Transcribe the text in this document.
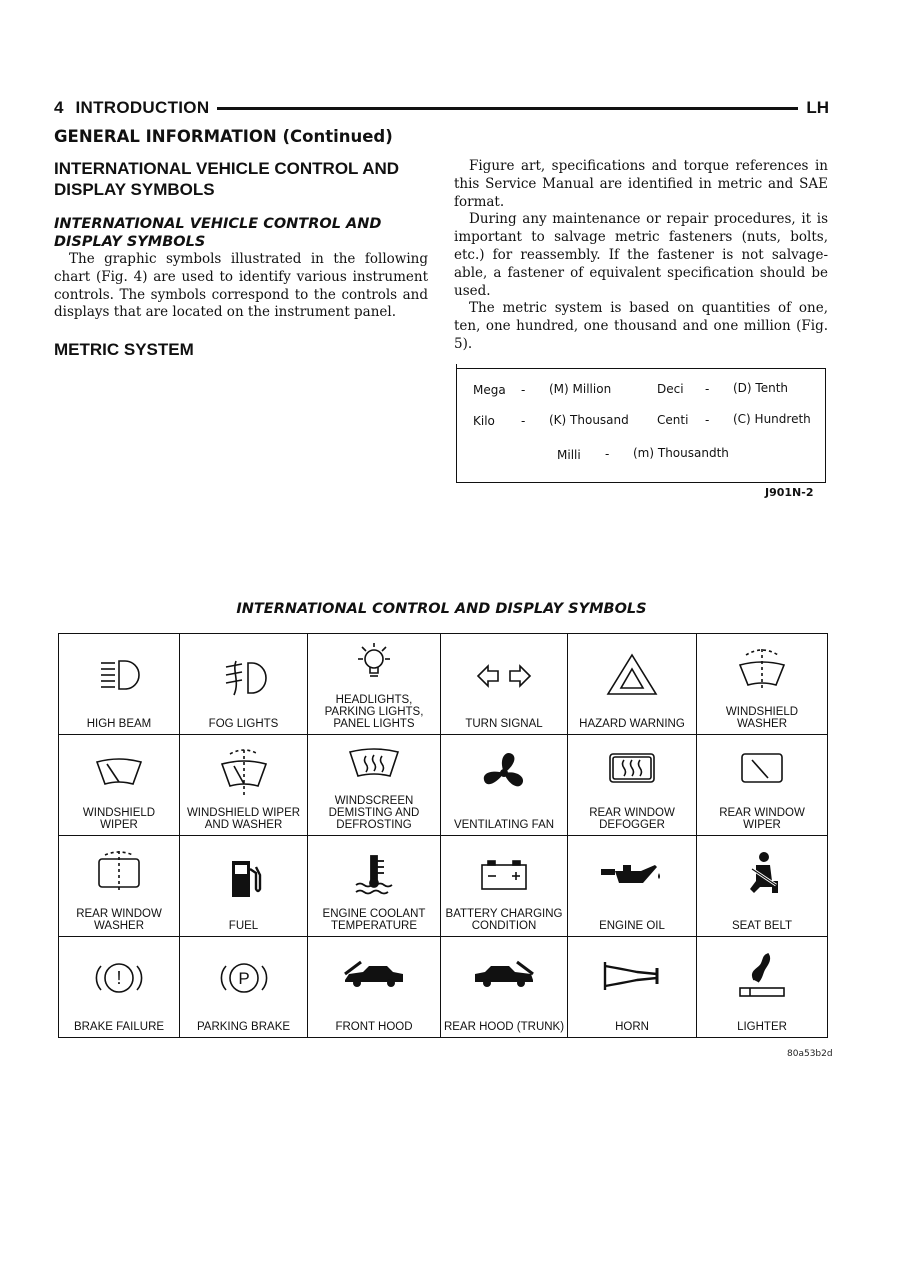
4 INTRODUCTION	LH
GENERAL INFORMATION (Continued)
INTERNATIONAL VEHICLE CONTROL AND DISPLAY SYMBOLS
INTERNATIONAL VEHICLE CONTROL AND DISPLAY SYMBOLS

The graphic symbols illustrated in the following chart (Fig. 4) are used to identify various instrument controls. The symbols correspond to the controls and displays that are located on the instrument panel.

METRIC SYSTEM

Figure art, specifications and torque references in this Service Manual are identified in metric and SAE format.

During any maintenance or repair procedures, it is important to salvage metric fasteners (nuts, bolts, etc.) for reassembly. If the fastener is not salvage-able, a fastener of equivalent specification should be used.

The metric system is based on quantities of one, ten, one hundred, one thousand and one million (Fig. 5).

Mega - (M) Million	Deci - (D) Tenth
Kilo - (K) Thousand Centi - (C) Hundreth
Milli - (m) Thousandth
J901N-2
INTERNATIONAL CONTROL AND DISPLAY SYMBOLS
HIGH BEAM	FOG LIGHTS	HEADLIGHTS,
PARKING LIGHTS,
PANEL LIGHTS	TURN SIGNAL	HAZARD WARNING	WINDSHIELD
WASHER

WINDSHIELD
WIPER	WINDSHIELD WIPER
AND WASHER	WINDSCREEN
DEMISTING AND
DEFROSTING	VENTILATING FAN	REAR WINDOW
DEFOGGER	REAR WINDOW
WIPER

REAR WINDOW
WASHER	FUEL	ENGINE COOLANT
TEMPERATURE	BATTERY CHARGING
CONDITION	ENGINE OIL	SEAT BELT

!
BRAKE FAILURE	P
PARKING BRAKE	FRONT HOOD	REAR HOOD (TRUNK)	HORN	LIGHTER
80a53b2d
